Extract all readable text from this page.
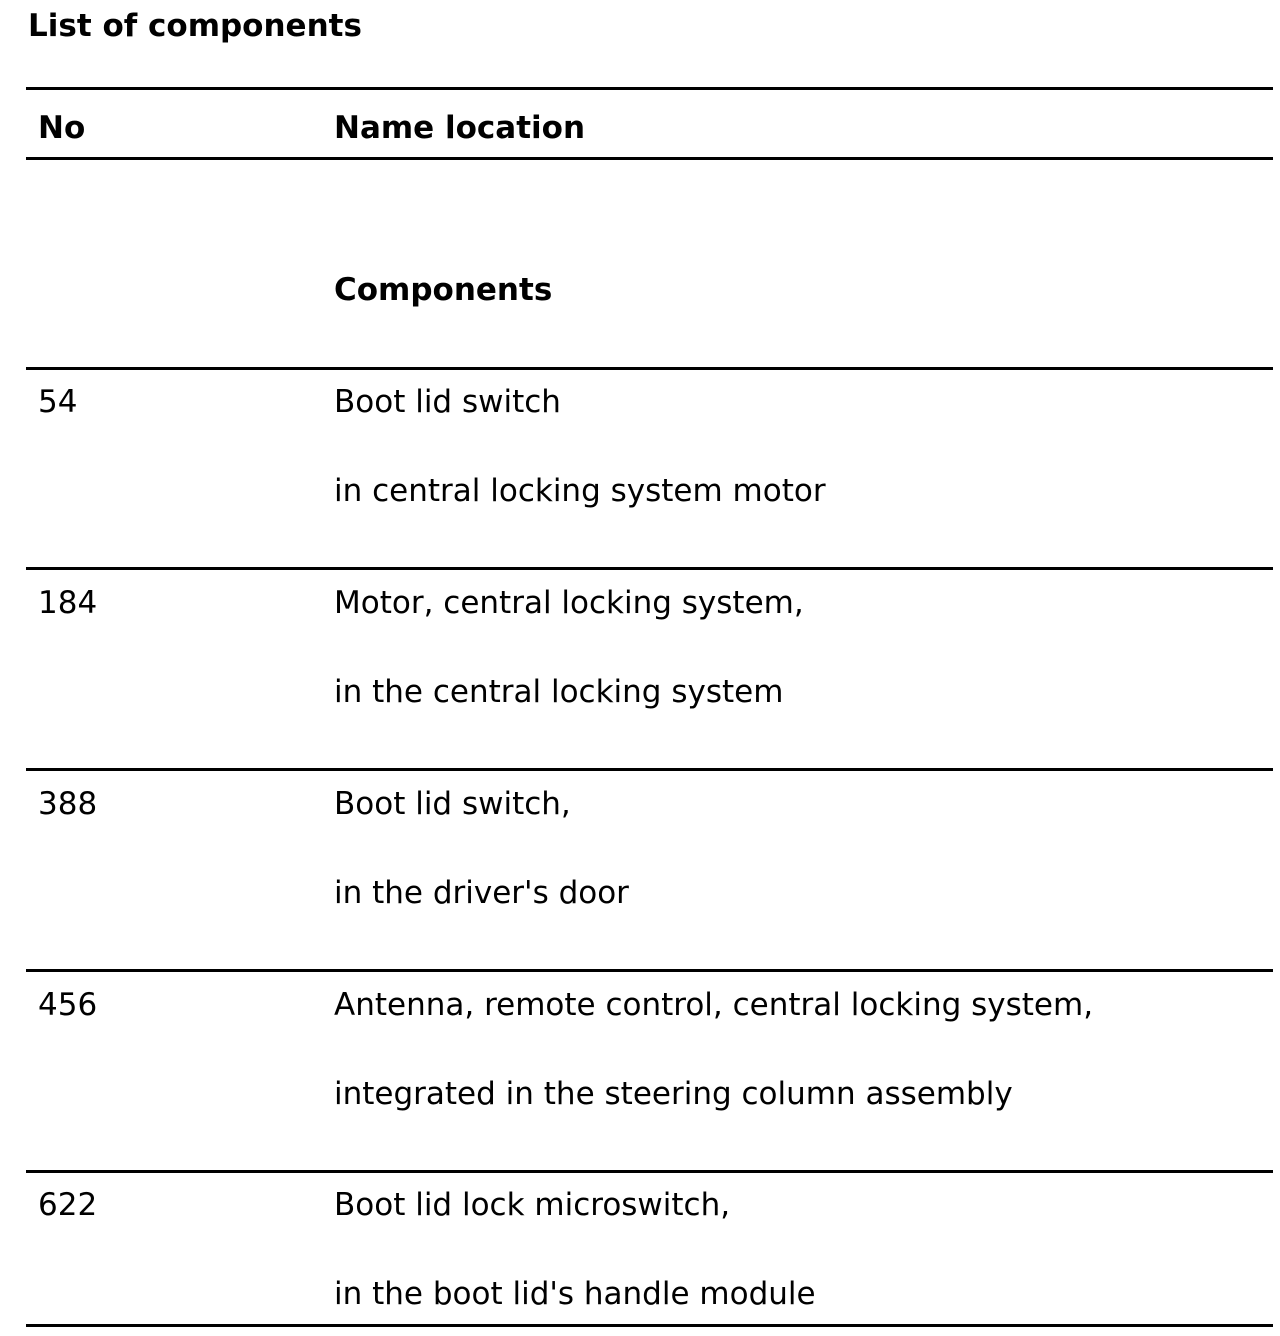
List of components
No	Name location
Components
54	Boot lid switch
in central locking system motor
184	Motor, central locking system,
in the central locking system
388	Boot lid switch,
in the driver's door
456	Antenna, remote control, central locking system,
integrated in the steering column assembly
622	Boot lid lock microswitch,
in the boot lid's handle module
